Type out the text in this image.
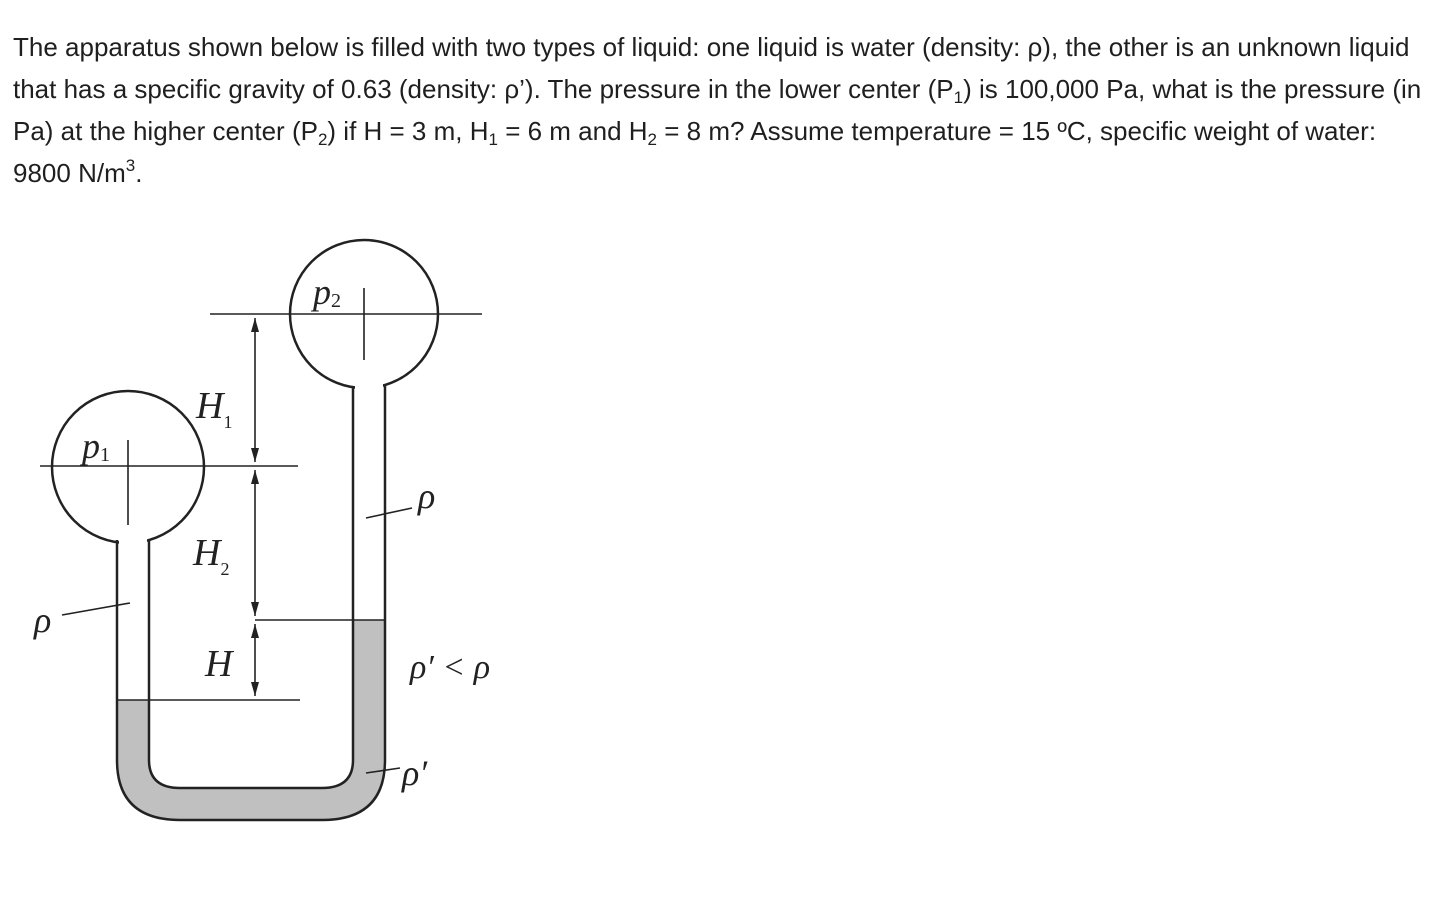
The apparatus shown below is filled with two types of liquid: one liquid is water (density: ρ), the other is an unknown liquid that has a specific gravity of 0.63 (density: ρ’). The pressure in the lower center $(P_1)$ is 100,000 Pa, what is the pressure (in Pa) at the higher center $(P_2)$ if H = 3 m, $H_1 = 6$ m and $H_2 = 8$ m? Assume temperature = 15 ºC, specific weight of water: 9800 $N/m^3$.

p1
p2
$H_1$
$H_2$
H
ρ
ρ
ρ′ < ρ
ρ′
